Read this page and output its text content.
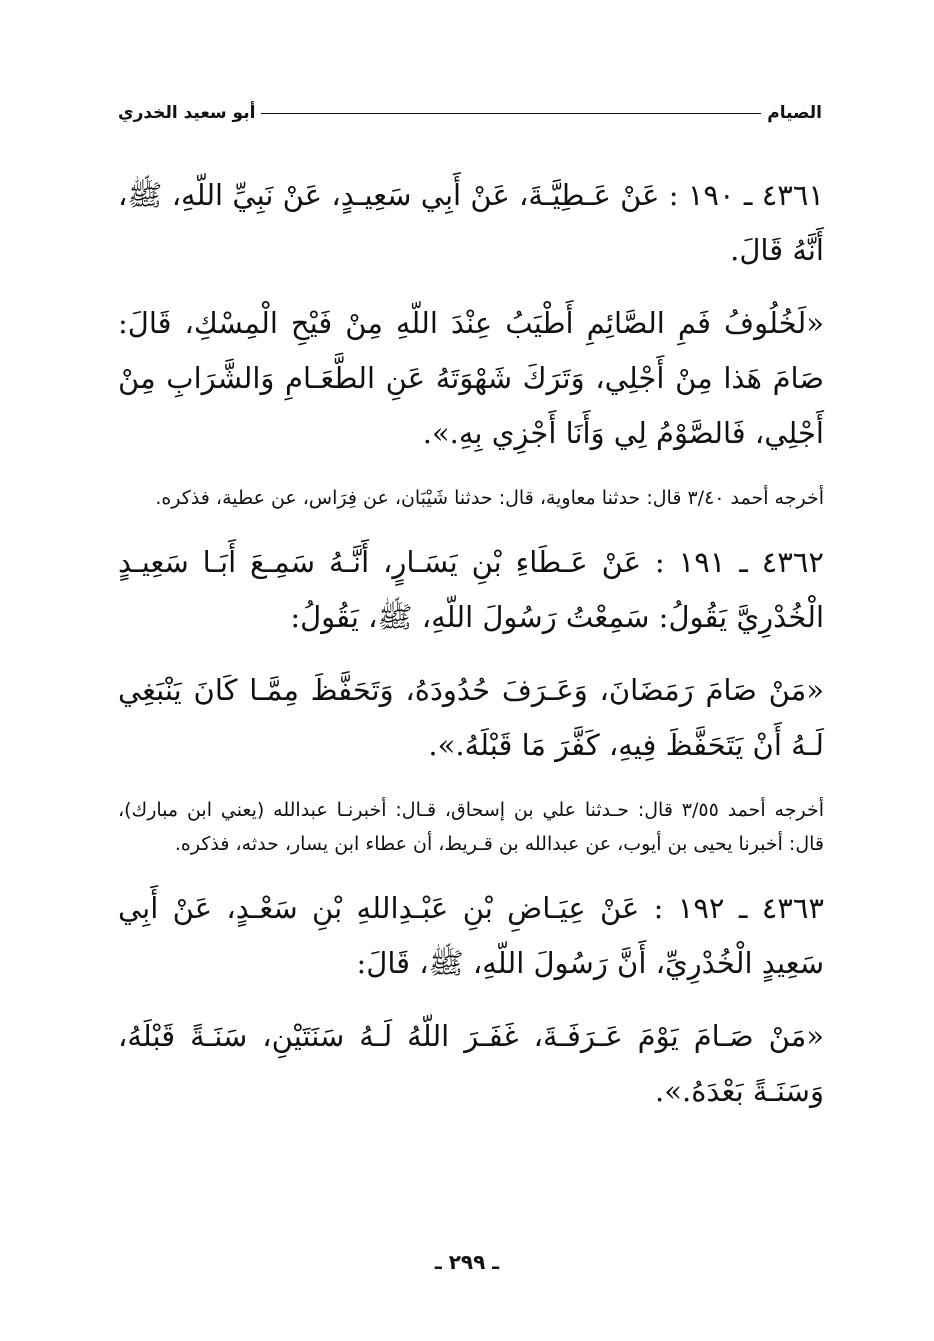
الصيام
أبو سعيد الخدري

٤٣٦١ ـ ١٩٠ : عَنْ عَـطِيَّـةَ، عَنْ أَبِي سَعِيـدٍ، عَنْ نَبِيِّ اللّهِ، ﷺ، أَنَّهُ قَالَ.

«لَخُلُوفُ فَمِ الصَّائِمِ أَطْيَبُ عِنْدَ اللّهِ مِنْ فَيْحِ الْمِسْكِ، قَالَ: صَامَ هَذا مِنْ أَجْلِي، وَتَرَكَ شَهْوَتَهُ عَنِ الطَّعَـامِ وَالشَّرَابِ مِنْ أَجْلِي، فَالصَّوْمُ لِي وَأَنَا أَجْزِي بِهِ.».

أخرجه أحمد ٣/٤٠ قال: حدثنا معاوية، قال: حدثنا شَيْبَان، عن فِرَاس، عن عطية، فذكره.

٤٣٦٢ ـ ١٩١ : عَنْ عَـطَاءِ بْنِ يَسَـارٍ، أَنَّـهُ سَمِـعَ أَبَـا سَعِيـدٍ الْخُدْرِيَّ يَقُولُ: سَمِعْتُ رَسُولَ اللّهِ، ﷺ، يَقُولُ:

«مَنْ صَامَ رَمَضَانَ، وَعَـرَفَ حُدُودَهُ، وَتَحَفَّظَ مِمَّـا كَانَ يَنْبَغِي لَـهُ أَنْ يَتَحَفَّظَ فِيهِ، كَفَّرَ مَا قَبْلَهُ.».

أخرجه أحمد ٣/٥٥ قال: حـدثنا علي بن إسحاق، قـال: أخبرنـا عبدالله (يعني ابن مبارك)، قال: أخبرنا يحيى بن أيوب، عن عبدالله بن قـريط، أن عطاء ابن يسار، حدثه، فذكره.

٤٣٦٣ ـ ١٩٢ : عَنْ عِيَـاضِ بْنِ عَبْـدِاللهِ بْنِ سَعْـدٍ، عَنْ أَبِي سَعِيدٍ الْخُدْرِيِّ، أَنَّ رَسُولَ اللّهِ، ﷺ، قَالَ:

«مَنْ صَـامَ يَوْمَ عَـرَفَـةَ، غَفَـرَ اللّهُ لَـهُ سَنَتَيْنِ، سَنَـةً قَبْلَهُ، وَسَنَـةً بَعْدَهُ.».

ـ ٢٩٩ ـ
